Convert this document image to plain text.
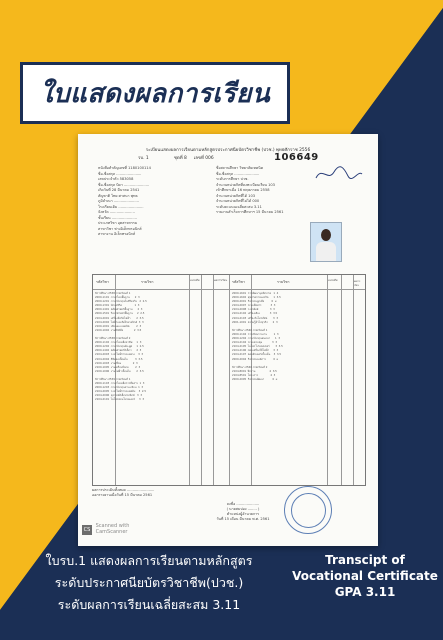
ใบแสดงผลการเรียน
ระเบียนแสดงผลการเรียนตามหลักสูตรประกาศนียบัตรวิชาชีพ (ปวช.) พุทธศักราช 2556
รบ. 1	ชุดที่ 8 เลขที่ 006	106649
หนังสือสำคัญเลขที่ 1180100114
ชื่อ-ชื่อสกุล ......................
เลขประจำตัว 583058
ชื่อ-ชื่อสกุล บิดา ......................
เกิดวันที่ 28 มีนาคม 2541
สัญชาติ ไทย ศาสนา พุทธ
ภูมิลำเนา ......................
โรงเรียนเดิม ......................
จังหวัด ......................
ชั้นเรียน ......................
ประเภทวิชา อุตสาหกรรม
สาขาวิชา ช่างอิเล็กทรอนิกส์
สาขางาน อิเล็กทรอนิกส์
ชื่อสถานศึกษา วิทยาลัยเทคนิค
ชื่อ-ชื่อสกุล ......................
ระดับการศึกษา ปวช.
จำนวนหน่วยกิตที่ลงทะเบียนเรียน 103
เข้าศึกษาเมื่อ 16 พฤษภาคม 2558
จำนวนหน่วยกิตที่ได้ 103
จำนวนหน่วยกิตที่ไม่ได้ 000
ระดับคะแนนเฉลี่ยสะสม 3.11
รายงานสำเร็จการศึกษาฯ 15 มีนาคม 2561
รหัสวิชา	รายวิชา	หน่วยกิต	ผลการเรียน รหัสวิชา	รายวิชา	หน่วยกิต	ผลการเรียน
ปีการศึกษา 2558 ภาคเรียนที่ 1
2000-1101  ภาษาไทยพื้นฐาน      2  3
2000-1201  ภาษาอังกฤษในชีวิตจริง   2  2.5
2000-1301  ทักษะชีวิต               1  3
2000-1401  คณิตศาสตร์พื้นฐาน      2  3
2000-1501  วิทยาศาสตร์พื้นฐาน     2  2.5
2104-2001  เครื่องมือวัดไฟฟ้า       2  3.5
2104-2002  ไฟฟ้าและอิเล็กทรอนิกส์  3  3
2100-1001  เขียนแบบเทคนิค        2  3
2100-1002  งานฝึกฝีมือ             2  3.5

ปีการศึกษา 2558 ภาคเรียนที่ 2
2000-1102  ภาษาไทยเพื่ออาชีพ     1  3
2000-1202  ภาษาอังกฤษฟัง-พูด     1  2.5
2000-1402  คณิตศาสตร์อิเล็กฯ      2  3
2104-2003  วงจรไฟฟ้ากระแสตรง    3  3
2104-2004  ดิจิตอลเบื้องต้น         3  3.5
2100-1003  งานเชื่อม              2  3
2100-1005  งานเครื่องมือกล        2  3
2100-1006  งานไฟฟ้าเบื้องต้น       2  3.5

ปีการศึกษา 2559 ภาคเรียนที่ 1
2000-1103  ภาษาไทยเพื่อการสื่อสาร  1  3
2000-1203  ภาษาอังกฤษอ่าน-เขียน  1  3
2104-2005  วงจรไฟฟ้ากระแสสลับ    3  2.5
2104-2006  อุปกรณ์อิเล็กทรอนิกส์   3  3
2104-2101  ไมโครคอนโทรลเลอร์     3  3
2000-1601  การพัฒนาบุคลิกภาพ   1  4
2000-1602  สุขภาพกายและจิต      1  3.5
2000-2001  กิจกรรมลูกเสือ         0  ผ
2104-2007  ระบบสื่อสาร           3  3
2104-2008  วงจรพัลส์              3  3
2104-2102  เครื่องเสียง            3  3.5
2104-2103  เครื่องรับโทรทัศน์       3  3
2001-1001  ความรู้ทั่วไปธุรกิจ      2  3

ปีการศึกษา 2560 ภาคเรียนที่ 1
2000-1104  การเขียนรายงาน        1  3
2000-1204  ภาษาอังกฤษสนทนา      1  3
2104-2104  ระบบควบคุม            3  3
2104-2105  ไมโครโปรเซสเซอร์       3  3.5
2104-2106  ซ่อมเครื่องใช้ไฟฟ้า     3  3
2104-2107  คอมพิวเตอร์เบื้องต้น    3  3.5
2000-2004  กิจกรรมองค์การ         0  ผ

ปีการศึกษา 2560 ภาคเรียนที่ 2
2104-8001  ฝึกงาน                 4  3.5
2104-8501  โครงการ               4  3
2000-2005  กิจกรรมพัฒนา          0  ผ
ผลการประเมินทั้งหมด ........................
ออกรายงานเมื่อวันที่ 15 มีนาคม 2561
ลงชื่อ ....................
( นายสมปอง ........ )
ตำแหน่งผู้อำนวยการ
วันที่ 15 เดือน มีนาคม พ.ศ. 2561
CS Scanned with
CamScanner
ใบรบ.1 แสดงผลการเรียนตามหลักสูตร
ระดับประกาศนียบัตรวิชาชีพ(ปวช.)
ระดับผลการเรียนเฉลี่ยสะสม 3.11
Transcipt of
Vocational Certificate
GPA 3.11
